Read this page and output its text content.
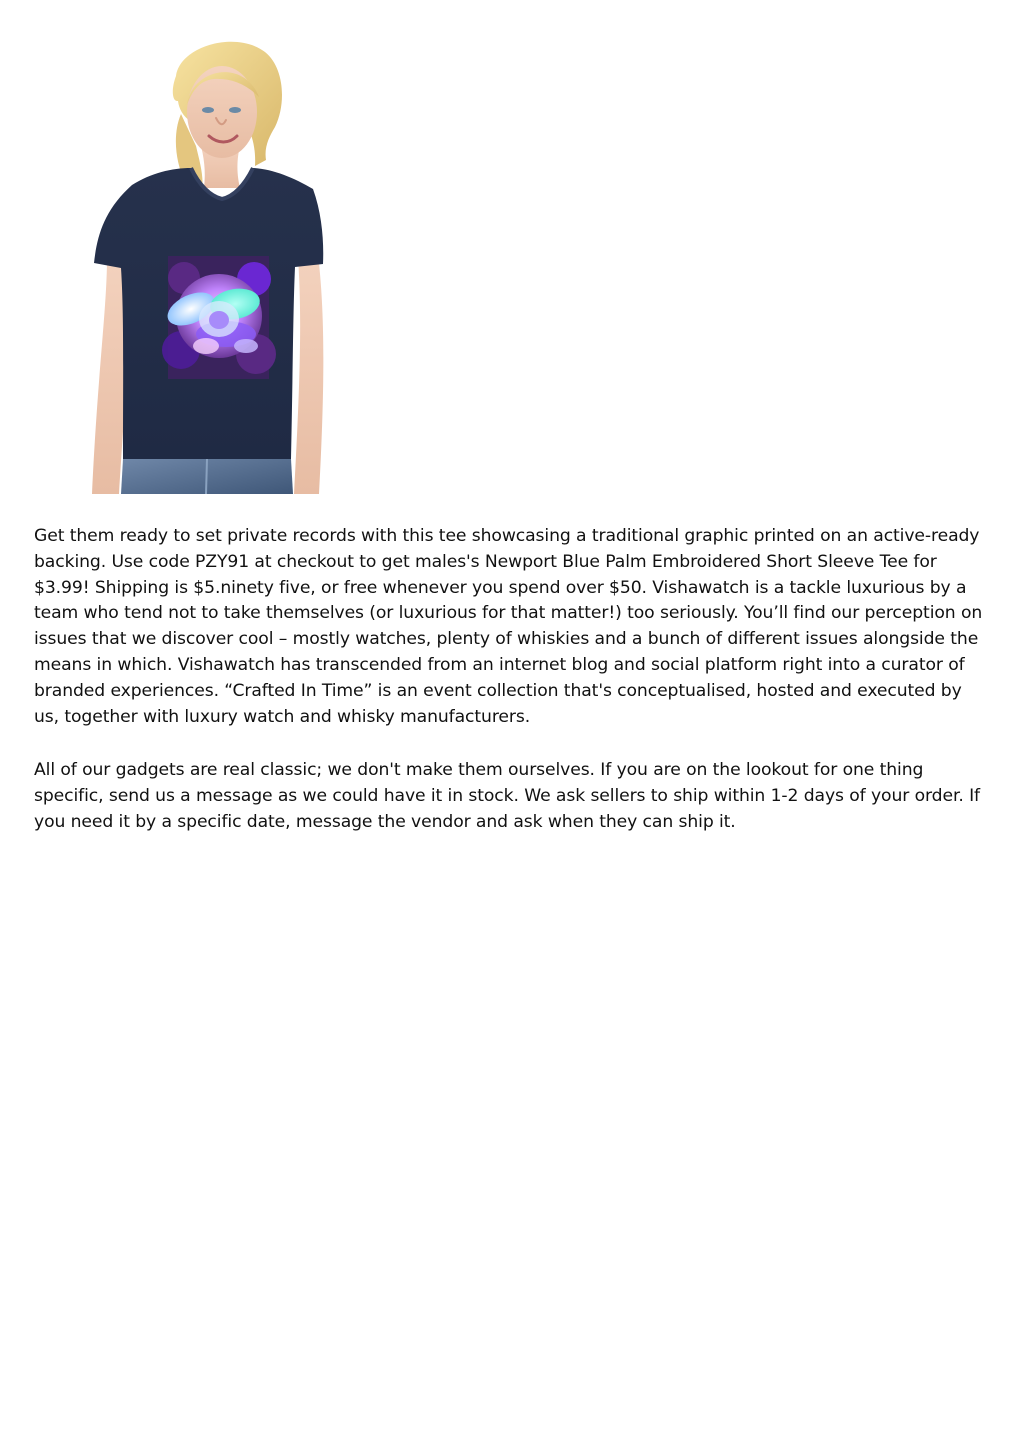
Get them ready to set private records with this tee showcasing a traditional graphic printed on an active-ready backing. Use code PZY91 at checkout to get males's Newport Blue Palm Embroidered Short Sleeve Tee for $3.99! Shipping is $5.ninety five, or free whenever you spend over $50. Vishawatch is a tackle luxurious by a team who tend not to take themselves (or luxurious for that matter!) too seriously. You’ll find our perception on issues that we discover cool – mostly watches, plenty of whiskies and a bunch of different issues alongside the means in which. Vishawatch has transcended from an internet blog and social platform right into a curator of branded experiences. “Crafted In Time” is an event collection that's conceptualised, hosted and executed by us, together with luxury watch and whisky manufacturers.

All of our gadgets are real classic; we don't make them ourselves. If you are on the lookout for one thing specific, send us a message as we could have it in stock. We ask sellers to ship within 1-2 days of your order. If you need it by a specific date, message the vendor and ask when they can ship it.
